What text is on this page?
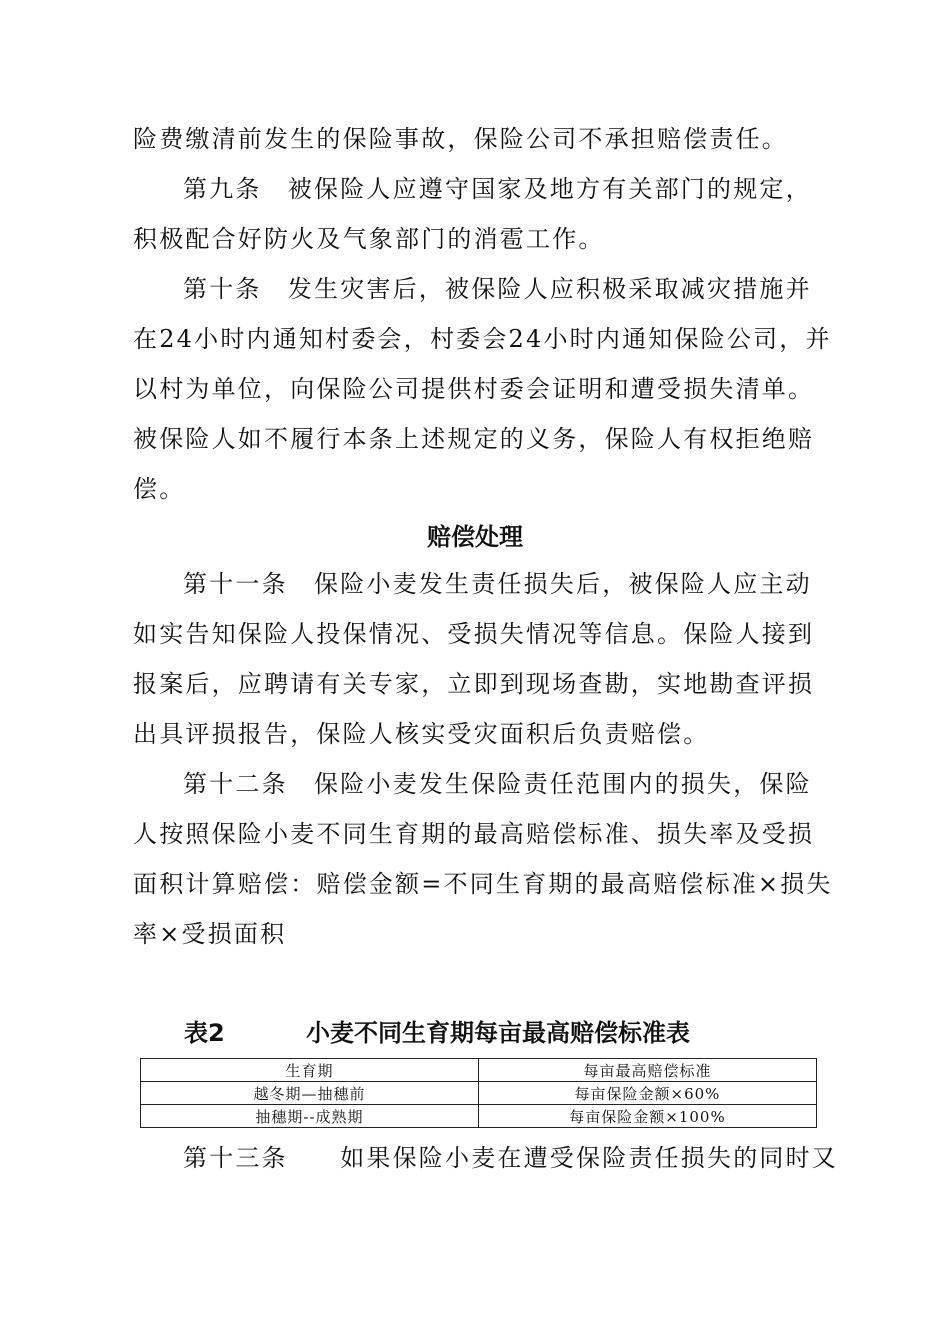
险费缴清前发生的保险事故，保险公司不承担赔偿责任。
第九条　被保险人应遵守国家及地方有关部门的规定，
积极配合好防火及气象部门的消雹工作。
第十条　发生灾害后，被保险人应积极采取减灾措施并
在24小时内通知村委会，村委会24小时内通知保险公司，并
以村为单位，向保险公司提供村委会证明和遭受损失清单。
被保险人如不履行本条上述规定的义务，保险人有权拒绝赔
偿。
赔偿处理
第十一条　保险小麦发生责任损失后，被保险人应主动
如实告知保险人投保情况、受损失情况等信息。保险人接到
报案后，应聘请有关专家，立即到现场查勘，实地勘查评损
出具评损报告，保险人核实受灾面积后负责赔偿。
第十二条　保险小麦发生保险责任范围内的损失，保险
人按照保险小麦不同生育期的最高赔偿标准、损失率及受损
面积计算赔偿：赔偿金额=不同生育期的最高赔偿标准×损失
率×受损面积
表2	小麦不同生育期每亩最高赔偿标准表
生育期	每亩最高赔偿标准
越冬期—抽穗前	每亩保险金额×60%
抽穗期--成熟期	每亩保险金额×100%
第十三条　　如果保险小麦在遭受保险责任损失的同时又
